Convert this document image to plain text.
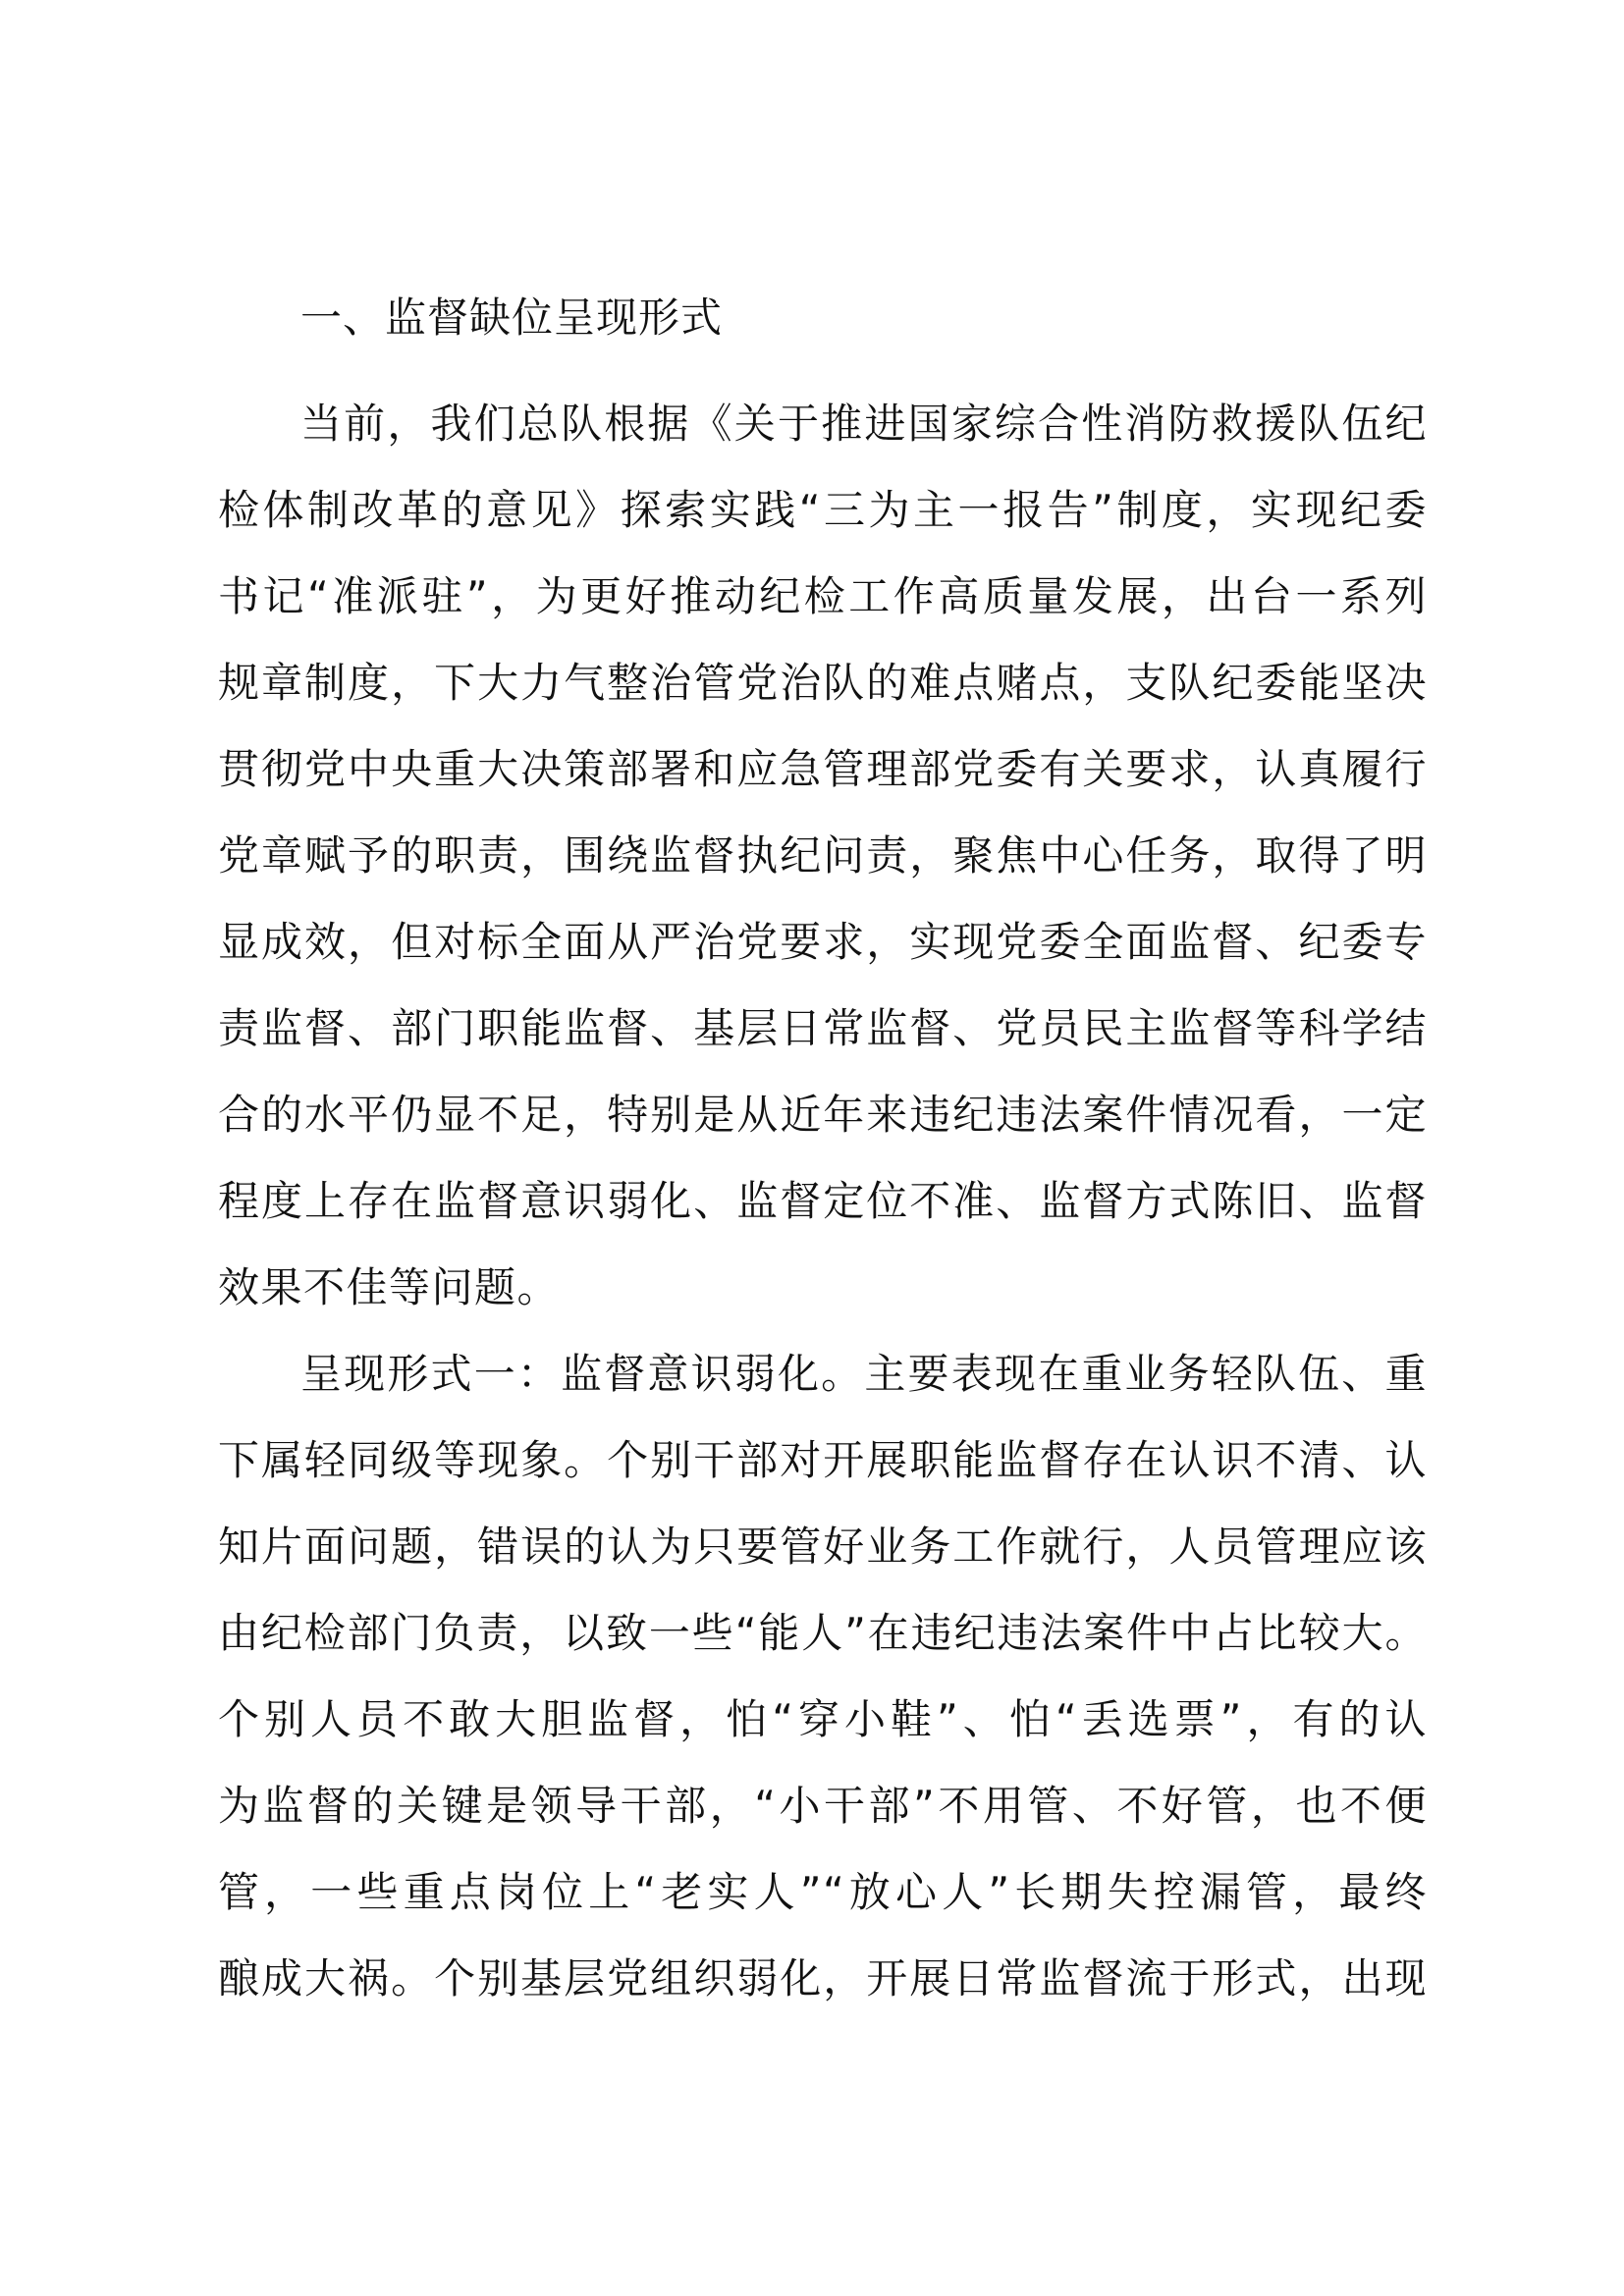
一、监督缺位呈现形式
当前，我们总队根据《关于推进国家综合性消防救援队伍纪
检体制改革的意见》探索实践“三为主一报告”制度，实现纪委
书记“准派驻”，为更好推动纪检工作高质量发展，出台一系列
规章制度，下大力气整治管党治队的难点赌点，支队纪委能坚决
贯彻党中央重大决策部署和应急管理部党委有关要求，认真履行
党章赋予的职责，围绕监督执纪问责，聚焦中心任务，取得了明
显成效，但对标全面从严治党要求，实现党委全面监督、纪委专
责监督、部门职能监督、基层日常监督、党员民主监督等科学结
合的水平仍显不足，特别是从近年来违纪违法案件情况看，一定
程度上存在监督意识弱化、监督定位不准、监督方式陈旧、监督
效果不佳等问题。
呈现形式一：监督意识弱化。主要表现在重业务轻队伍、重
下属轻同级等现象。个别干部对开展职能监督存在认识不清、认
知片面问题，错误的认为只要管好业务工作就行，人员管理应该
由纪检部门负责，以致一些“能人”在违纪违法案件中占比较大。
个别人员不敢大胆监督，怕“穿小鞋”、怕“丢选票”，有的认
为监督的关键是领导干部，“小干部”不用管、不好管，也不便
管，一些重点岗位上“老实人”“放心人”长期失控漏管，最终
酿成大祸。个别基层党组织弱化，开展日常监督流于形式，出现
